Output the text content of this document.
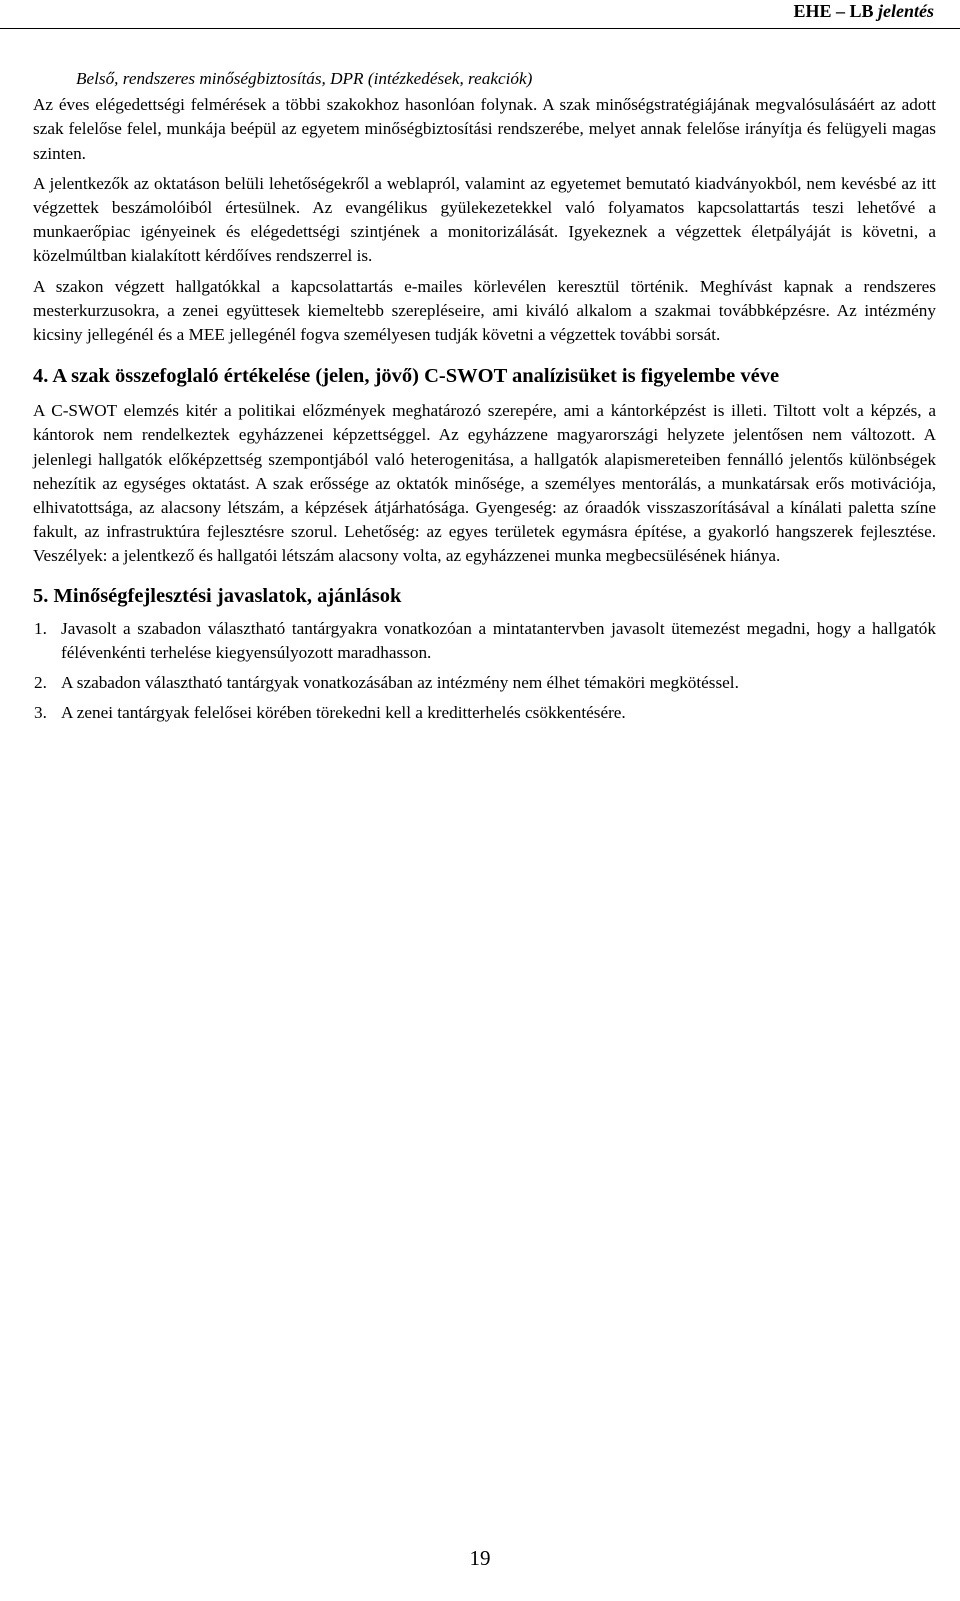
EHE – LB jelentés
Belső, rendszeres minőségbiztosítás, DPR (intézkedések, reakciók)

Az éves elégedettségi felmérések a többi szakokhoz hasonlóan folynak. A szak minőségstratégiájának megvalósulásáért az adott szak felelőse felel, munkája beépül az egyetem minőségbiztosítási rendszerébe, melyet annak felelőse irányítja és felügyeli magas szinten.

A jelentkezők az oktatáson belüli lehetőségekről a weblapról, valamint az egyetemet bemutató kiadványokból, nem kevésbé az itt végzettek beszámolóiból értesülnek. Az evangélikus gyülekezetekkel való folyamatos kapcsolattartás teszi lehetővé a munkaerőpiac igényeinek és elégedettségi szintjének a monitorizálását. Igyekeznek a végzettek életpályáját is követni, a közelmúltban kialakított kérdőíves rendszerrel is.

A szakon végzett hallgatókkal a kapcsolattartás e-mailes körlevélen keresztül történik. Meghívást kapnak a rendszeres mesterkurzusokra, a zenei együttesek kiemeltebb szerepléseire, ami kiváló alkalom a szakmai továbbképzésre. Az intézmény kicsiny jellegénél és a MEE jellegénél fogva személyesen tudják követni a végzettek további sorsát.

4. A szak összefoglaló értékelése (jelen, jövő) C-SWOT analízisüket is figyelembe véve

A C-SWOT elemzés kitér a politikai előzmények meghatározó szerepére, ami a kántorképzést is illeti. Tiltott volt a képzés, a kántorok nem rendelkeztek egyházzenei képzettséggel. Az egyházzene magyarországi helyzete jelentősen nem változott. A jelenlegi hallgatók előképzettség szempontjából való heterogenitása, a hallgatók alapismereteiben fennálló jelentős különbségek nehezítik az egységes oktatást. A szak erőssége az oktatók minősége, a személyes mentorálás, a munkatársak erős motivációja, elhivatottsága, az alacsony létszám, a képzések átjárhatósága. Gyengeség: az óraadók visszaszorításával a kínálati paletta színe fakult, az infrastruktúra fejlesztésre szorul. Lehetőség: az egyes területek egymásra építése, a gyakorló hangszerek fejlesztése. Veszélyek: a jelentkező és hallgatói létszám alacsony volta, az egyházzenei munka megbecsülésének hiánya.

5. Minőségfejlesztési javaslatok, ajánlások
1. Javasolt a szabadon választható tantárgyakra vonatkozóan a mintatantervben javasolt ütemezést megadni, hogy a hallgatók félévenkénti terhelése kiegyensúlyozott maradhasson.
2. A szabadon választható tantárgyak vonatkozásában az intézmény nem élhet témaköri megkötéssel.
3. A zenei tantárgyak felelősei körében törekedni kell a kreditterhelés csökkentésére.
19
